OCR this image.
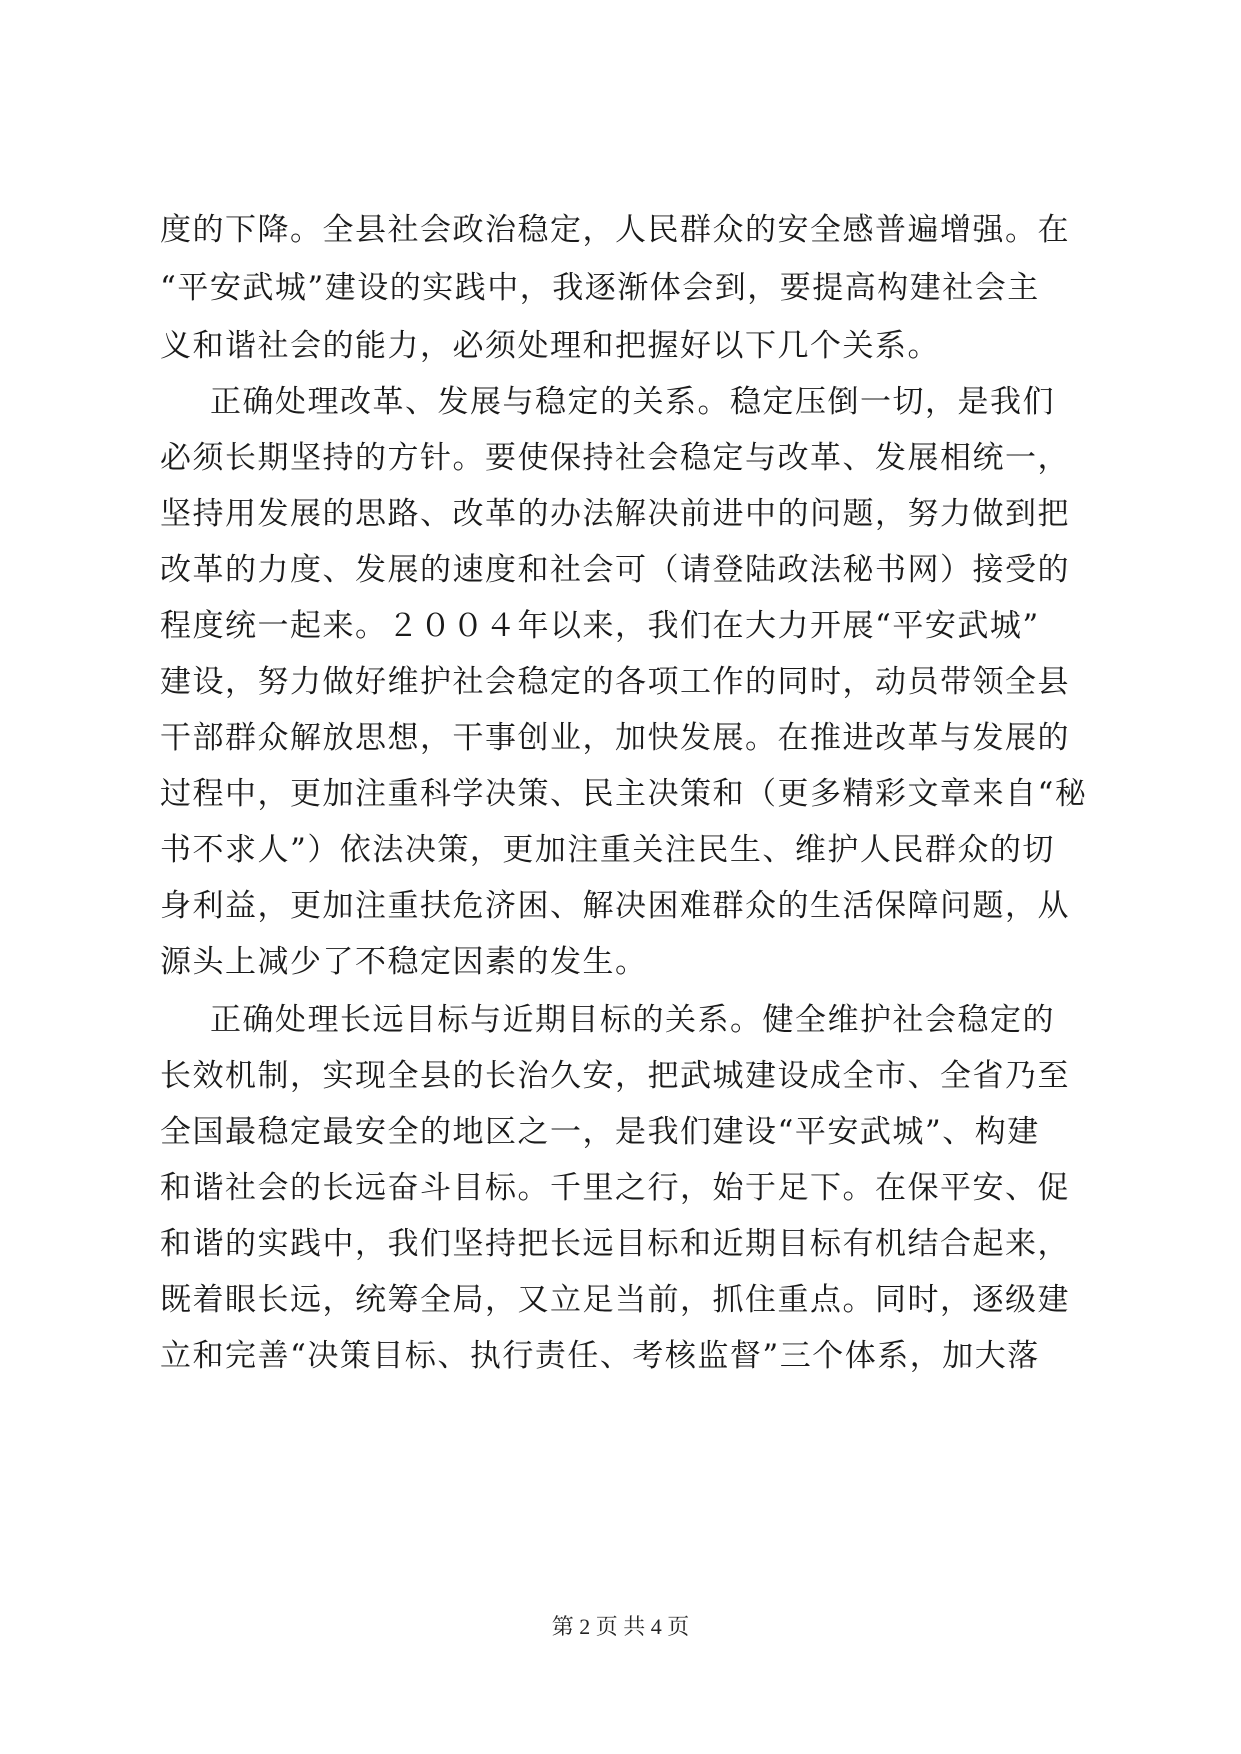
度的下降。全县社会政治稳定，人民群众的安全感普遍增强。在
“平安武城”建设的实践中，我逐渐体会到，要提高构建社会主
义和谐社会的能力，必须处理和把握好以下几个关系。
正确处理改革、发展与稳定的关系。稳定压倒一切，是我们
必须长期坚持的方针。要使保持社会稳定与改革、发展相统一，
坚持用发展的思路、改革的办法解决前进中的问题，努力做到把
改革的力度、发展的速度和社会可（请登陆政法秘书网）接受的
程度统一起来。２００４年以来，我们在大力开展“平安武城”
建设，努力做好维护社会稳定的各项工作的同时，动员带领全县
干部群众解放思想，干事创业，加快发展。在推进改革与发展的
过程中，更加注重科学决策、民主决策和（更多精彩文章来自“秘
书不求人”）依法决策，更加注重关注民生、维护人民群众的切
身利益，更加注重扶危济困、解决困难群众的生活保障问题，从
源头上减少了不稳定因素的发生。
正确处理长远目标与近期目标的关系。健全维护社会稳定的
长效机制，实现全县的长治久安，把武城建设成全市、全省乃至
全国最稳定最安全的地区之一，是我们建设“平安武城”、构建
和谐社会的长远奋斗目标。千里之行，始于足下。在保平安、促
和谐的实践中，我们坚持把长远目标和近期目标有机结合起来，
既着眼长远，统筹全局，又立足当前，抓住重点。同时，逐级建
立和完善“决策目标、执行责任、考核监督”三个体系，加大落
第 2 页 共 4 页
